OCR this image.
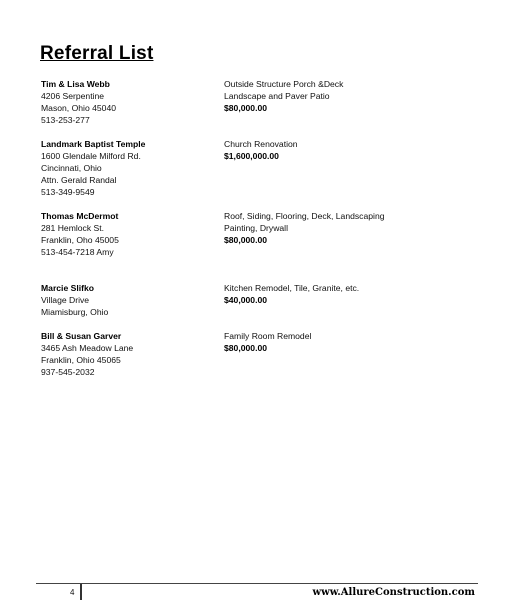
Referral List
Tim & Lisa Webb
4206 Serpentine
Mason, Ohio 45040
513-253-277
Outside Structure Porch &Deck
Landscape and Paver Patio
$80,000.00
Landmark Baptist Temple
1600 Glendale Milford Rd.
Cincinnati, Ohio
Attn. Gerald Randal
513-349-9549
Church Renovation
$1,600,000.00
Thomas McDermot
281 Hemlock St.
Franklin, Oho 45005
513-454-7218 Amy
Roof, Siding, Flooring, Deck, Landscaping
Painting, Drywall
$80,000.00
Marcie Slifko
Village Drive
Miamisburg, Ohio
Kitchen Remodel, Tile, Granite, etc.
$40,000.00
Bill & Susan Garver
3465 Ash Meadow Lane
Franklin, Ohio 45065
937-545-2032
Family Room Remodel
$80,000.00
4	www.AllureConstruction.com
